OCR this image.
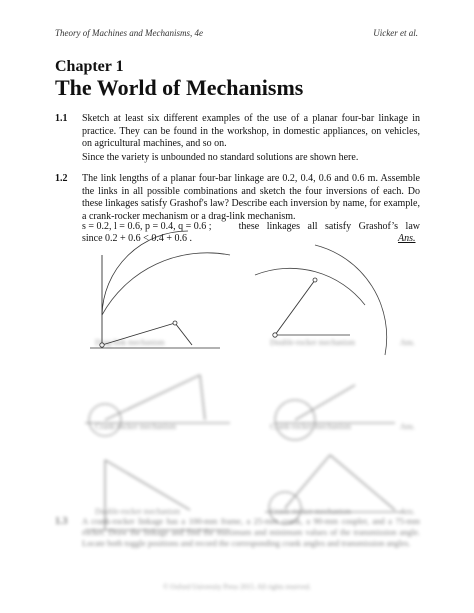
Theory of Machines and Mechanisms, 4e	Uicker et al.
Chapter 1
The World of Mechanisms
1.1 Sketch at least six different examples of the use of a planar four-bar linkage in practice. They can be found in the workshop, in domestic appliances, on vehicles, on agricultural machines, and so on.
Since the variety is unbounded no standard solutions are shown here.
1.2 The link lengths of a planar four-bar linkage are 0.2, 0.4, 0.6 and 0.6 m. Assemble the links in all possible combinations and sketch the four inversions of each. Do these linkages satisfy Grashof's law? Describe each inversion by name, for example, a crank-rocker mechanism or a drag-link mechanism.
s = 0.2, l = 0.6, p = 0.4, q = 0.6 ;	these   linkages   all   satisfy   Grashof’s   law
since 0.2 + 0.6 < 0.4 + 0.6 .	Ans.
Drag-link mechanism	Double-rocker mechanism	Ans.
Crank-rocker mechanism	Crank-rocker mechanism	Ans.
Double-rocker mechanism	Crank-rocker mechanism	Ans.
1.3 A crank-rocker linkage has a 100-mm frame, a 25-mm crank, a 90-mm coupler, and a 75-mm rocker. Draw the linkage and find the maximum and minimum values of the transmission angle. Locate both toggle positions and record the corresponding crank angles and transmission angles.
© Oxford University Press 2015. All rights reserved.
